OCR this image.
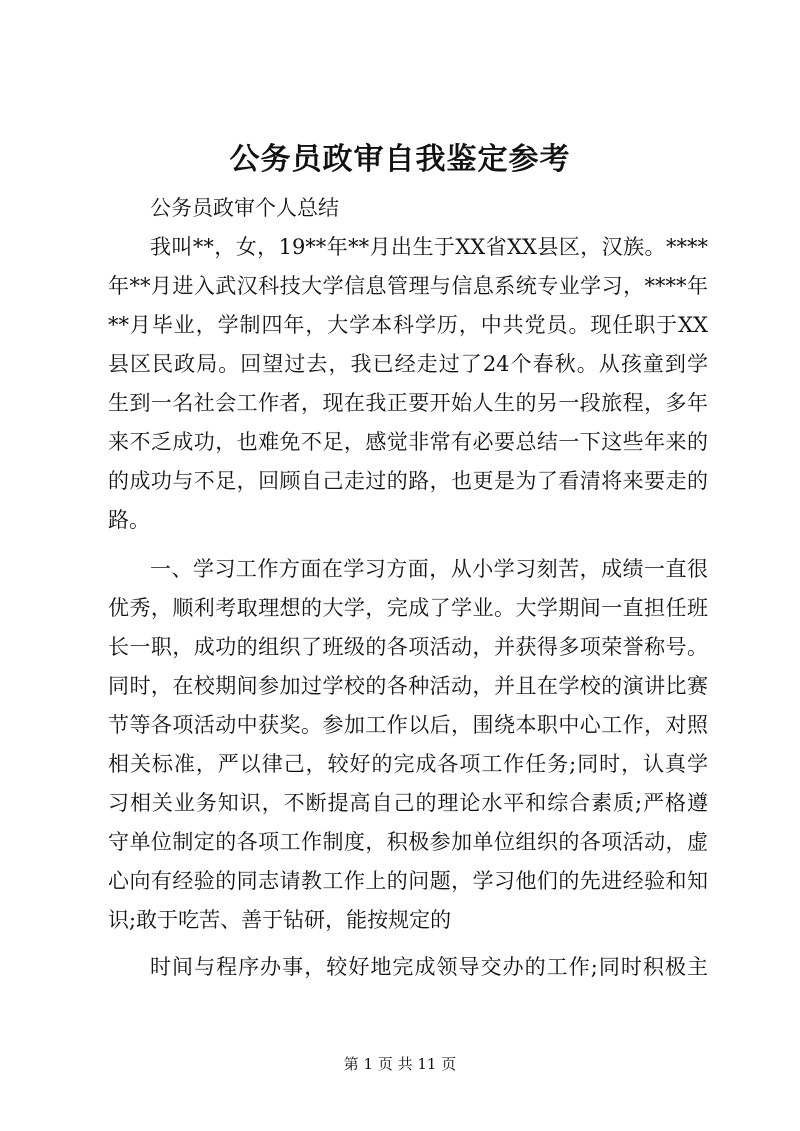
公务员政审自我鉴定参考
公务员政审个人总结
我叫**，女，19**年**月出生于XX省XX县区，汉族。****
年**月进入武汉科技大学信息管理与信息系统专业学习，****年
**月毕业，学制四年，大学本科学历，中共党员。现任职于XX
县区民政局。回望过去，我已经走过了24个春秋。从孩童到学
生到一名社会工作者，现在我正要开始人生的另一段旅程，多年
来不乏成功，也难免不足，感觉非常有必要总结一下这些年来的
的成功与不足，回顾自己走过的路，也更是为了看清将来要走的
路。
一、学习工作方面在学习方面，从小学习刻苦，成绩一直很
优秀，顺利考取理想的大学，完成了学业。大学期间一直担任班
长一职，成功的组织了班级的各项活动，并获得多项荣誉称号。
同时，在校期间参加过学校的各种活动，并且在学校的演讲比赛
节等各项活动中获奖。参加工作以后，围绕本职中心工作，对照
相关标准，严以律己，较好的完成各项工作任务;同时，认真学
习相关业务知识，不断提高自己的理论水平和综合素质;严格遵
守单位制定的各项工作制度，积极参加单位组织的各项活动，虚
心向有经验的同志请教工作上的问题，学习他们的先进经验和知
识;敢于吃苦、善于钻研，能按规定的
时间与程序办事，较好地完成领导交办的工作;同时积极主
第 1 页 共 11 页
